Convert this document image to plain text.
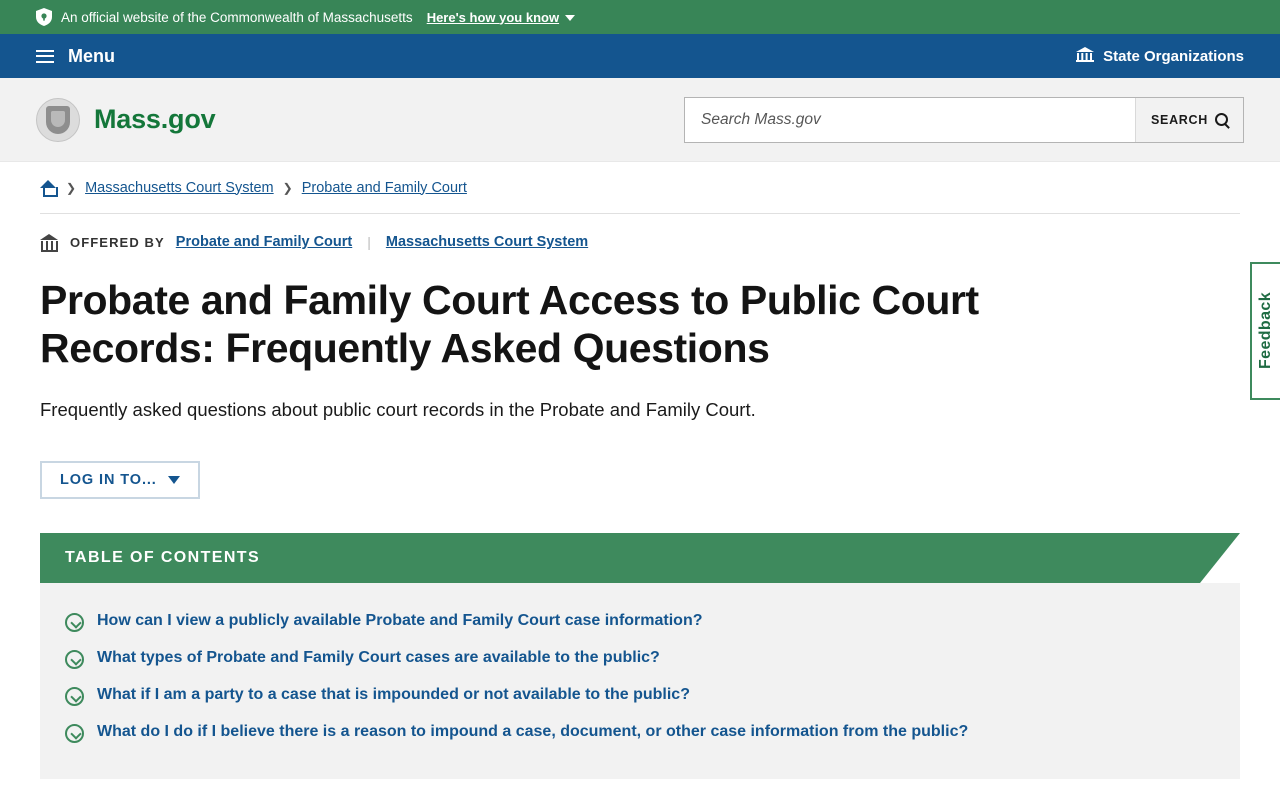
An official website of the Commonwealth of Massachusetts Here's how you know
Menu	State Organizations
Mass.gov
Search Mass.gov	SEARCH
❯ Massachusetts Court System ❯ Probate and Family Court
OFFERED BY Probate and Family Court | Massachusetts Court System
Probate and Family Court Access to Public Court Records: Frequently Asked Questions

Frequently asked questions about public court records in the Probate and Family Court.

LOG IN TO...
TABLE OF CONTENTS
How can I view a publicly available Probate and Family Court case information?
What types of Probate and Family Court cases are available to the public?
What if I am a party to a case that is impounded or not available to the public?
What do I do if I believe there is a reason to impound a case, document, or other case information from the public?
Feedback
